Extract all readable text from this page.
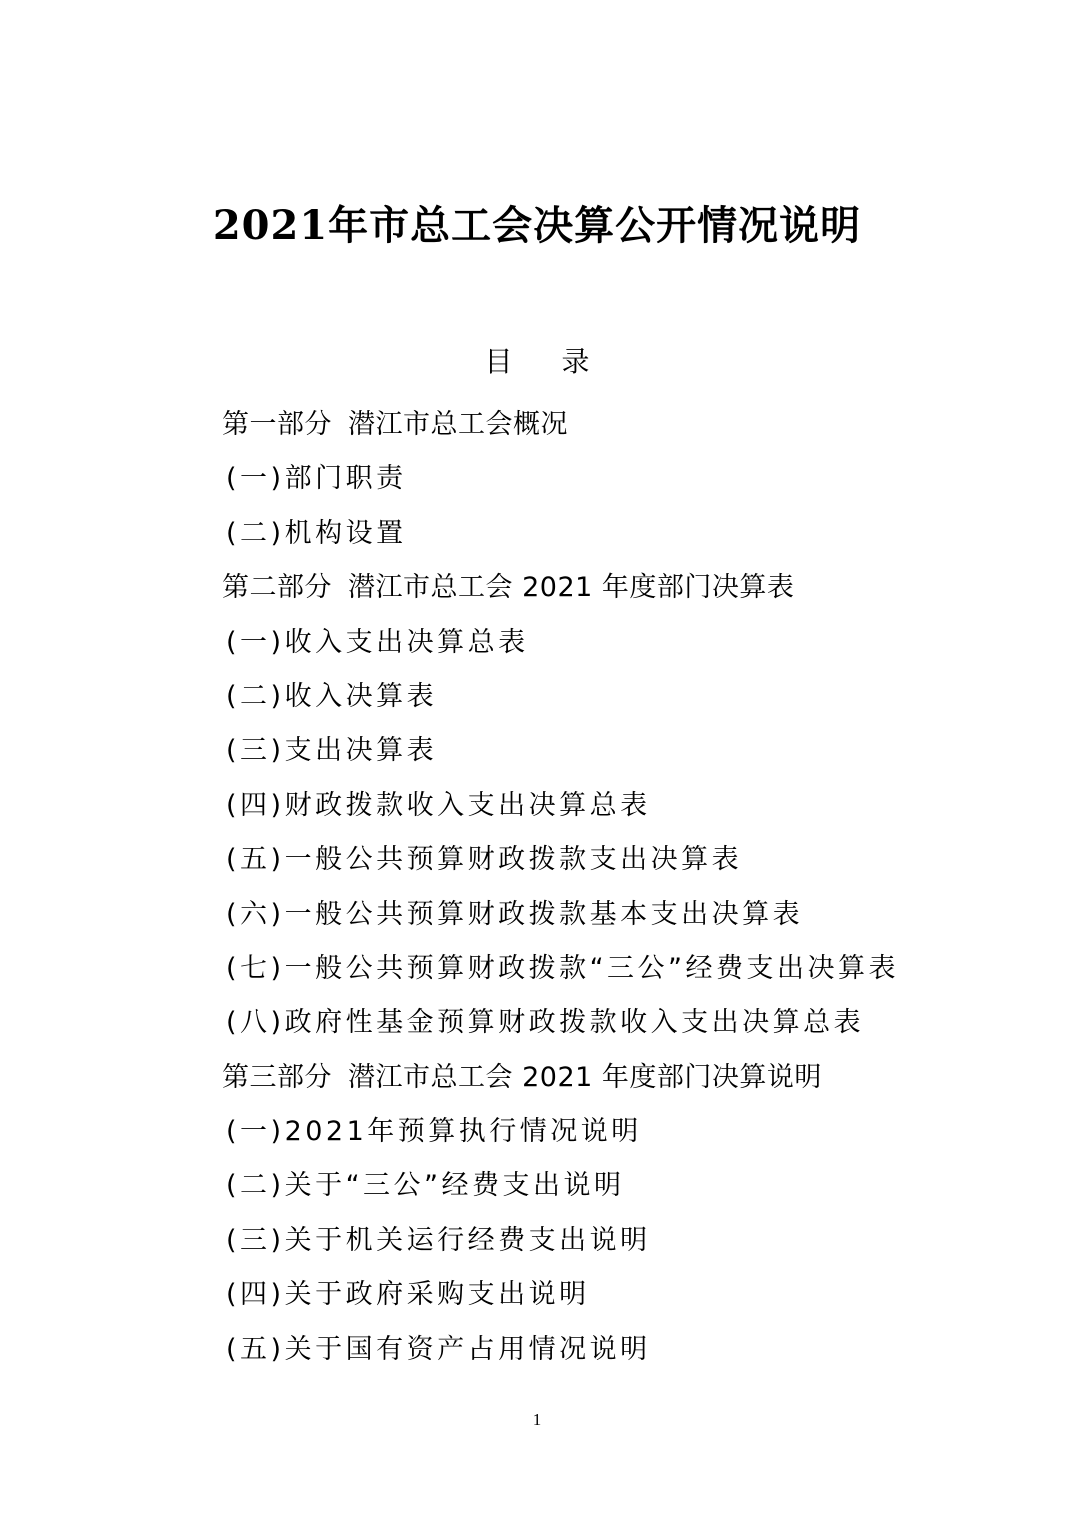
2021年市总工会决算公开情况说明
目 录
第一部分 潜江市总工会概况
(一)部门职责
(二)机构设置
第二部分 潜江市总工会 2021 年度部门决算表
(一)收入支出决算总表
(二)收入决算表
(三)支出决算表
(四)财政拨款收入支出决算总表
(五)一般公共预算财政拨款支出决算表
(六)一般公共预算财政拨款基本支出决算表
(七)一般公共预算财政拨款“三公”经费支出决算表
(八)政府性基金预算财政拨款收入支出决算总表
第三部分 潜江市总工会 2021 年度部门决算说明
(一)2021年预算执行情况说明
(二)关于“三公”经费支出说明
(三)关于机关运行经费支出说明
(四)关于政府采购支出说明
(五)关于国有资产占用情况说明
1
